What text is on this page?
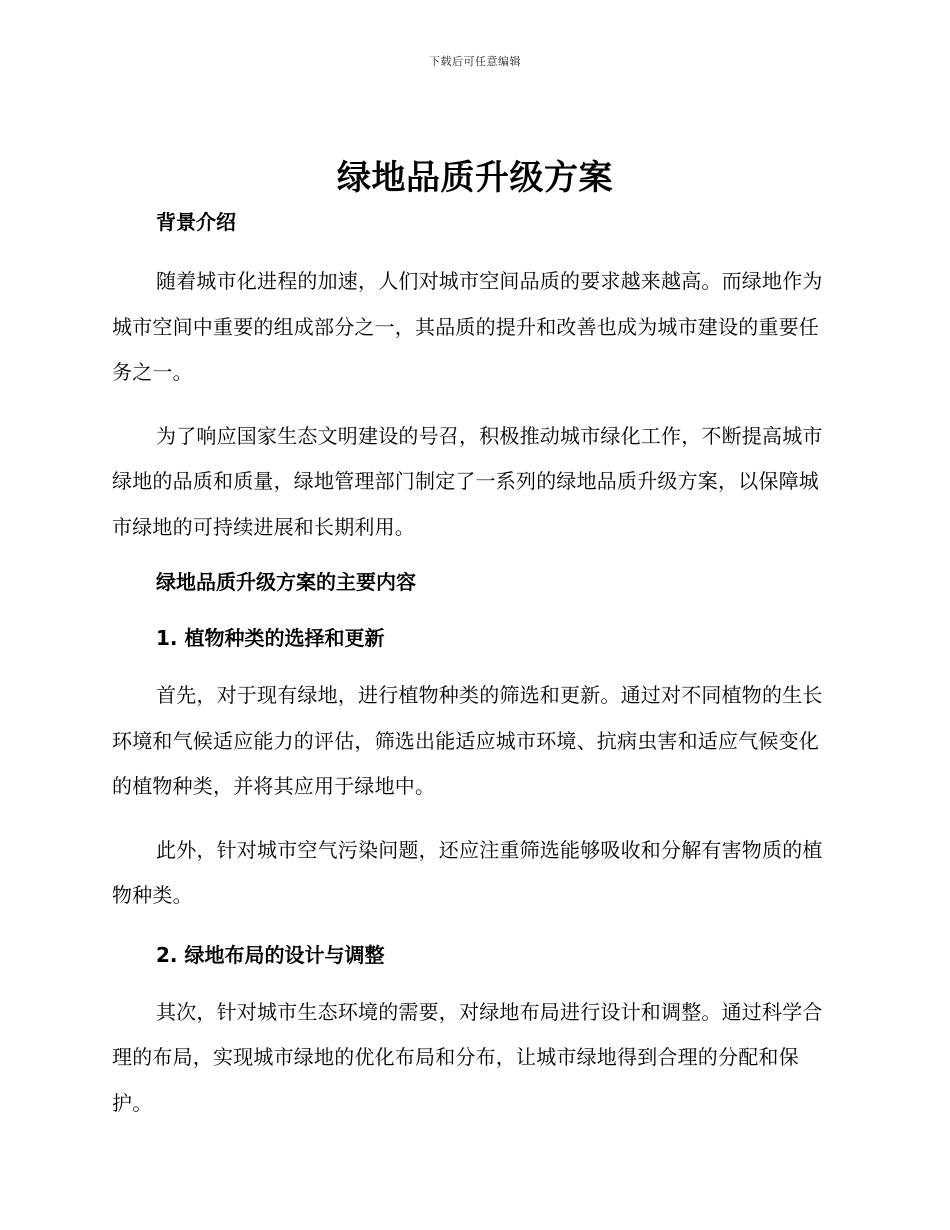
下载后可任意编辑
绿地品质升级方案

背景介绍

随着城市化进程的加速，人们对城市空间品质的要求越来越高。而绿地作为城市空间中重要的组成部分之一，其品质的提升和改善也成为城市建设的重要任务之一。

为了响应国家生态文明建设的号召，积极推动城市绿化工作，不断提高城市绿地的品质和质量，绿地管理部门制定了一系列的绿地品质升级方案，以保障城市绿地的可持续进展和长期利用。

绿地品质升级方案的主要内容

1. 植物种类的选择和更新

首先，对于现有绿地，进行植物种类的筛选和更新。通过对不同植物的生长环境和气候适应能力的评估，筛选出能适应城市环境、抗病虫害和适应气候变化的植物种类，并将其应用于绿地中。

此外，针对城市空气污染问题，还应注重筛选能够吸收和分解有害物质的植物种类。

2. 绿地布局的设计与调整

其次，针对城市生态环境的需要，对绿地布局进行设计和调整。通过科学合理的布局，实现城市绿地的优化布局和分布，让城市绿地得到合理的分配和保护。
